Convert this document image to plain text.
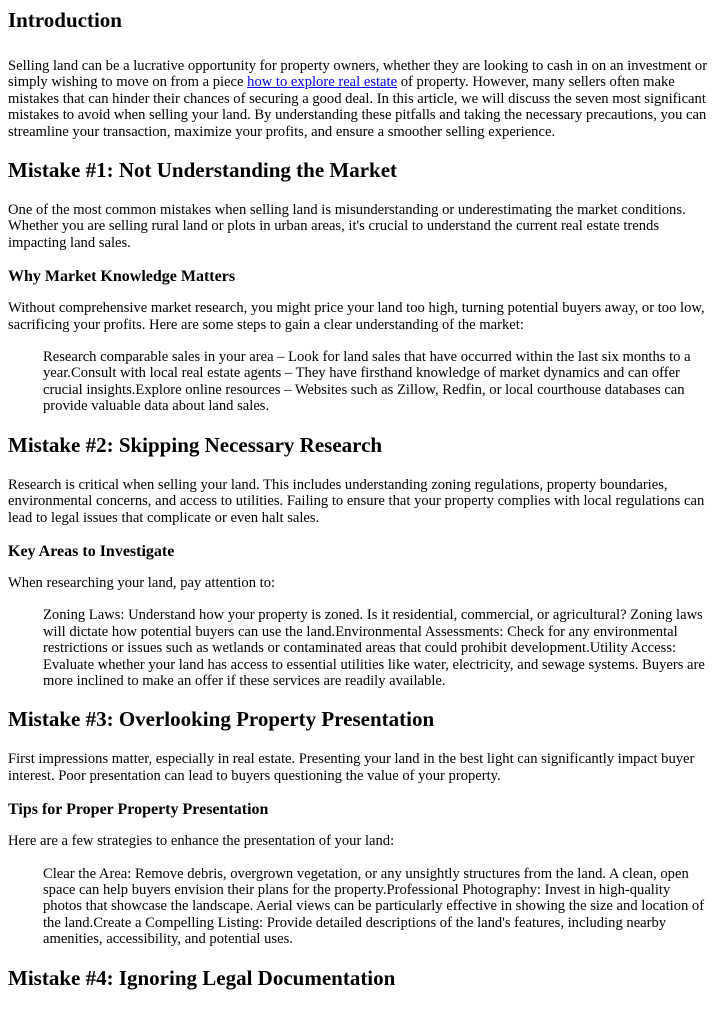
Introduction

Selling land can be a lucrative opportunity for property owners, whether they are looking to cash in on an investment or simply wishing to move on from a piece how to explore real estate of property. However, many sellers often make mistakes that can hinder their chances of securing a good deal. In this article, we will discuss the seven most significant mistakes to avoid when selling your land. By understanding these pitfalls and taking the necessary precautions, you can streamline your transaction, maximize your profits, and ensure a smoother selling experience.

Mistake #1: Not Understanding the Market

One of the most common mistakes when selling land is misunderstanding or underestimating the market conditions. Whether you are selling rural land or plots in urban areas, it's crucial to understand the current real estate trends impacting land sales.

Why Market Knowledge Matters

Without comprehensive market research, you might price your land too high, turning potential buyers away, or too low, sacrificing your profits. Here are some steps to gain a clear understanding of the market:

Research comparable sales in your area – Look for land sales that have occurred within the last six months to a year.Consult with local real estate agents – They have firsthand knowledge of market dynamics and can offer crucial insights.Explore online resources – Websites such as Zillow, Redfin, or local courthouse databases can provide valuable data about land sales.

Mistake #2: Skipping Necessary Research

Research is critical when selling your land. This includes understanding zoning regulations, property boundaries, environmental concerns, and access to utilities. Failing to ensure that your property complies with local regulations can lead to legal issues that complicate or even halt sales.

Key Areas to Investigate

When researching your land, pay attention to:

Zoning Laws: Understand how your property is zoned. Is it residential, commercial, or agricultural? Zoning laws will dictate how potential buyers can use the land.Environmental Assessments: Check for any environmental restrictions or issues such as wetlands or contaminated areas that could prohibit development.Utility Access: Evaluate whether your land has access to essential utilities like water, electricity, and sewage systems. Buyers are more inclined to make an offer if these services are readily available.

Mistake #3: Overlooking Property Presentation

First impressions matter, especially in real estate. Presenting your land in the best light can significantly impact buyer interest. Poor presentation can lead to buyers questioning the value of your property.

Tips for Proper Property Presentation

Here are a few strategies to enhance the presentation of your land:

Clear the Area: Remove debris, overgrown vegetation, or any unsightly structures from the land. A clean, open space can help buyers envision their plans for the property.Professional Photography: Invest in high-quality photos that showcase the landscape. Aerial views can be particularly effective in showing the size and location of the land.Create a Compelling Listing: Provide detailed descriptions of the land's features, including nearby amenities, accessibility, and potential uses.

Mistake #4: Ignoring Legal Documentation
